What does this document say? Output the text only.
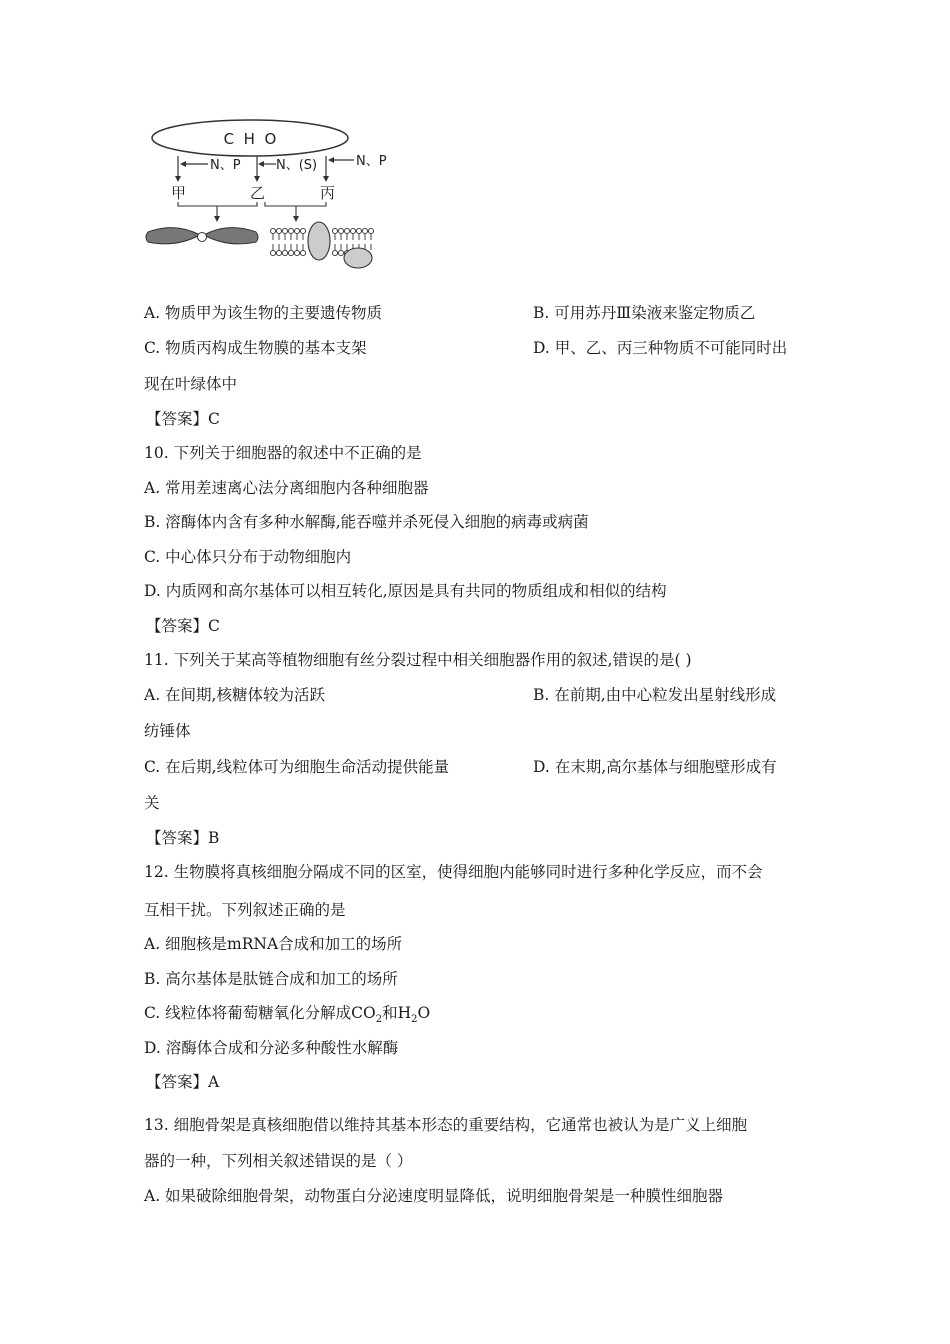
C  H  O
N、P	N、(S)	N、P
甲	乙	丙
A. 物质甲为该生物的主要遗传物质	B. 可用苏丹Ⅲ染液来鉴定物质乙
C. 物质丙构成生物膜的基本支架	D. 甲、乙、丙三种物质不可能同时出
现在叶绿体中
【答案】C
10. 下列关于细胞器的叙述中不正确的是
A. 常用差速离心法分离细胞内各种细胞器
B. 溶酶体内含有多种水解酶,能吞噬并杀死侵入细胞的病毒或病菌
C. 中心体只分布于动物细胞内
D. 内质网和高尔基体可以相互转化,原因是具有共同的物质组成和相似的结构
【答案】C
11. 下列关于某高等植物细胞有丝分裂过程中相关细胞器作用的叙述,错误的是( )
A. 在间期,核糖体较为活跃	B. 在前期,由中心粒发出星射线形成
纺锤体
C. 在后期,线粒体可为细胞生命活动提供能量	D. 在末期,高尔基体与细胞壁形成有
关
【答案】B
12. 生物膜将真核细胞分隔成不同的区室，使得细胞内能够同时进行多种化学反应，而不会
互相干扰。下列叙述正确的是
A. 细胞核是mRNA合成和加工的场所
B. 高尔基体是肽链合成和加工的场所
C. 线粒体将葡萄糖氧化分解成$CO_2$和$H_2O$
D. 溶酶体合成和分泌多种酸性水解酶
【答案】A
13. 细胞骨架是真核细胞借以维持其基本形态的重要结构，它通常也被认为是广义上细胞
器的一种，下列相关叙述错误的是（ ）
A. 如果破除细胞骨架，动物蛋白分泌速度明显降低，说明细胞骨架是一种膜性细胞器
